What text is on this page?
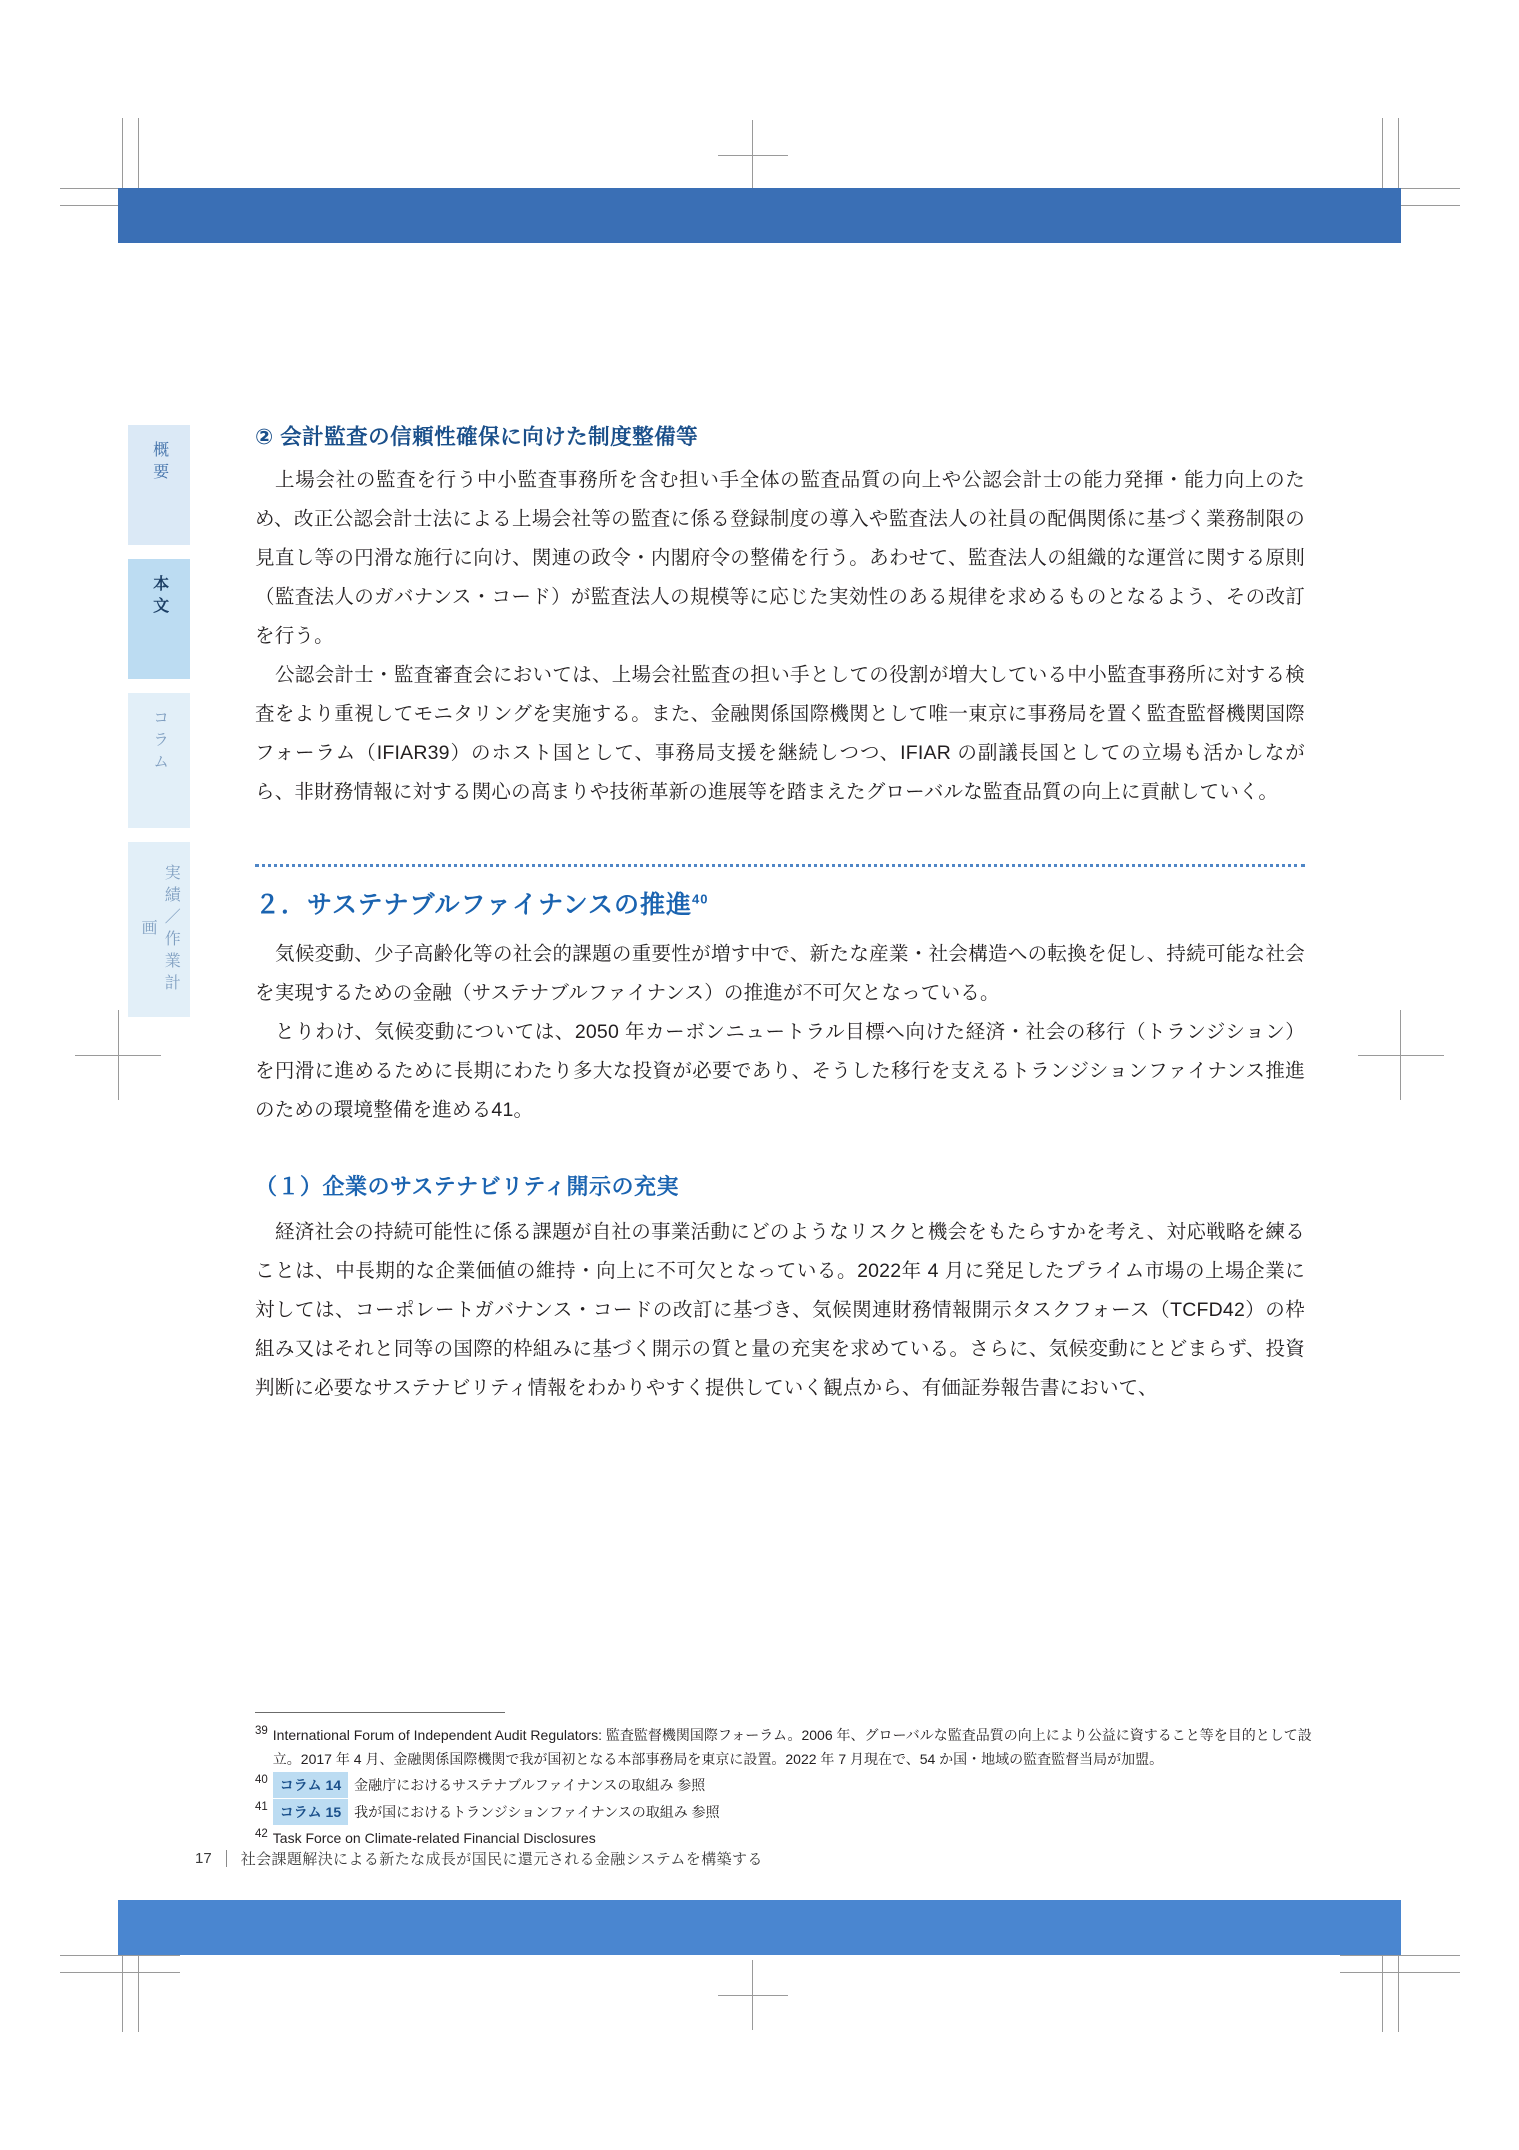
概要
本文
コラム
実績／作業計画
② 会計監査の信頼性確保に向けた制度整備等

上場会社の監査を行う中小監査事務所を含む担い手全体の監査品質の向上や公認会計士の能力発揮・能力向上のため、改正公認会計士法による上場会社等の監査に係る登録制度の導入や監査法人の社員の配偶関係に基づく業務制限の見直し等の円滑な施行に向け、関連の政令・内閣府令の整備を行う。あわせて、監査法人の組織的な運営に関する原則（監査法人のガバナンス・コード）が監査法人の規模等に応じた実効性のある規律を求めるものとなるよう、その改訂を行う。

公認会計士・監査審査会においては、上場会社監査の担い手としての役割が増大している中小監査事務所に対する検査をより重視してモニタリングを実施する。また、金融関係国際機関として唯一東京に事務局を置く監査監督機関国際フォーラム（IFIAR39）のホスト国として、事務局支援を継続しつつ、IFIAR の副議長国としての立場も活かしながら、非財務情報に対する関心の高まりや技術革新の進展等を踏まえたグローバルな監査品質の向上に貢献していく。

２．サステナブルファイナンスの推進$^{40}$

気候変動、少子高齢化等の社会的課題の重要性が増す中で、新たな産業・社会構造への転換を促し、持続可能な社会を実現するための金融（サステナブルファイナンス）の推進が不可欠となっている。

とりわけ、気候変動については、2050 年カーボンニュートラル目標へ向けた経済・社会の移行（トランジション）を円滑に進めるために長期にわたり多大な投資が必要であり、そうした移行を支えるトランジションファイナンス推進のための環境整備を進める41。

（１）企業のサステナビリティ開示の充実

経済社会の持続可能性に係る課題が自社の事業活動にどのようなリスクと機会をもたらすかを考え、対応戦略を練ることは、中長期的な企業価値の維持・向上に不可欠となっている。2022年 4 月に発足したプライム市場の上場企業に対しては、コーポレートガバナンス・コードの改訂に基づき、気候関連財務情報開示タスクフォース（TCFD42）の枠組み又はそれと同等の国際的枠組みに基づく開示の質と量の充実を求めている。さらに、気候変動にとどまらず、投資判断に必要なサステナビリティ情報をわかりやすく提供していく観点から、有価証券報告書において、

39 International Forum of Independent Audit Regulators: 監査監督機関国際フォーラム。2006 年、グローバルな監査品質の向上により公益に資すること等を目的として設立。2017 年 4 月、金融関係国際機関で我が国初となる本部事務局を東京に設置。2022 年 7 月現在で、54 か国・地域の監査監督当局が加盟。
40 コラム 14 金融庁におけるサステナブルファイナンスの取組み 参照
41 コラム 15 我が国におけるトランジションファイナンスの取組み 参照
42 Task Force on Climate-related Financial Disclosures
17	社会課題解決による新たな成長が国民に還元される金融システムを構築する
